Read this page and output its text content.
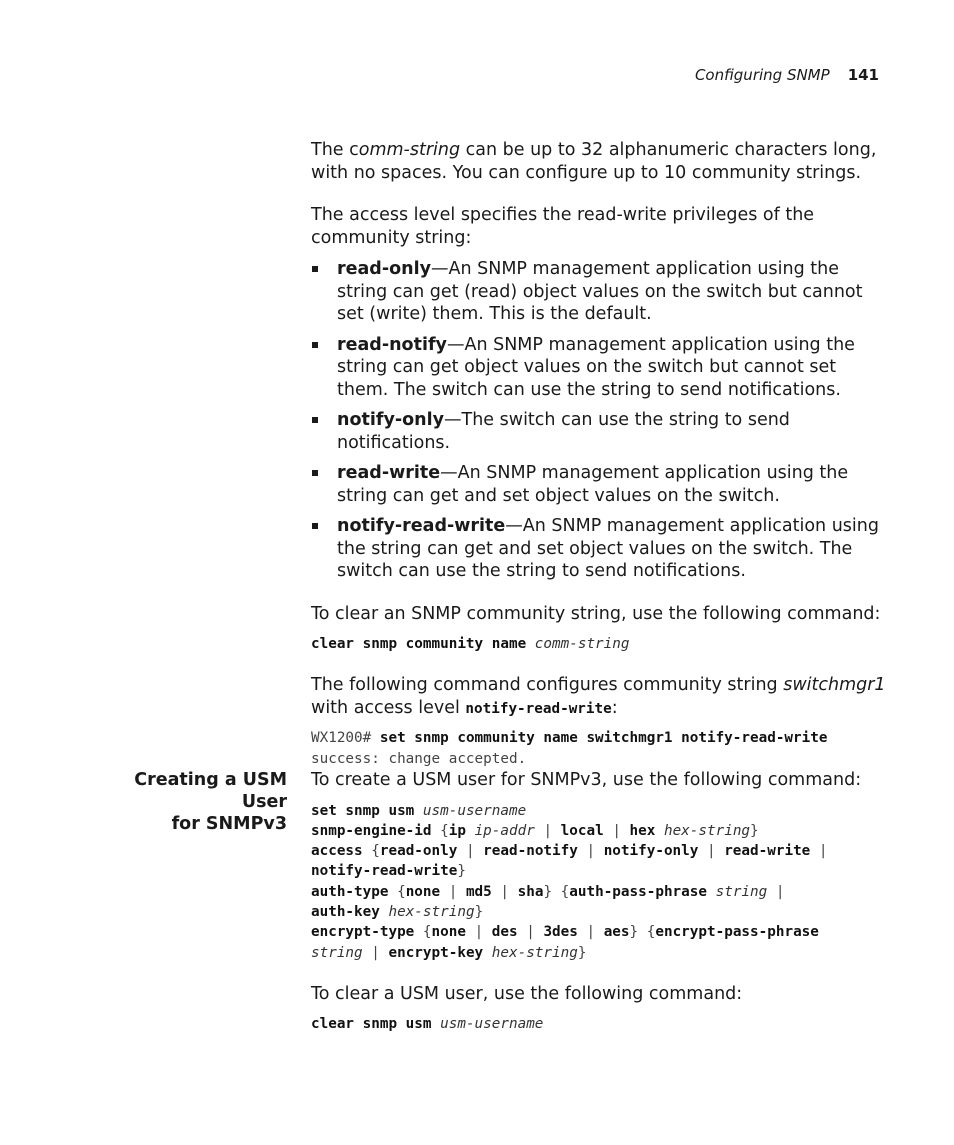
Configuring SNMP 141

The comm-string can be up to 32 alphanumeric characters long, with no spaces. You can configure up to 10 community strings.

The access level specifies the read-write privileges of the community string:

read-only—An SNMP management application using the string can get (read) object values on the switch but cannot set (write) them. This is the default.
read-notify—An SNMP management application using the string can get object values on the switch but cannot set them. The switch can use the string to send notifications.
notify-only—The switch can use the string to send notifications.
read-write—An SNMP management application using the string can get and set object values on the switch.
notify-read-write—An SNMP management application using the string can get and set object values on the switch. The switch can use the string to send notifications.

To clear an SNMP community string, use the following command:

clear snmp community name comm-string

The following command configures community string switchmgr1 with access level notify-read-write:

WX1200# set snmp community name switchmgr1 notify-read-write
success: change accepted.
Creating a USM User
for SNMPv3

To create a USM user for SNMPv3, use the following command:

set snmp usm usm-username
snmp-engine-id {ip ip-addr | local | hex hex-string}
access {read-only | read-notify | notify-only | read-write |
notify-read-write}
auth-type {none | md5 | sha} {auth-pass-phrase string |
auth-key hex-string}
encrypt-type {none | des | 3des | aes} {encrypt-pass-phrase
string | encrypt-key hex-string}

To clear a USM user, use the following command:

clear snmp usm usm-username
